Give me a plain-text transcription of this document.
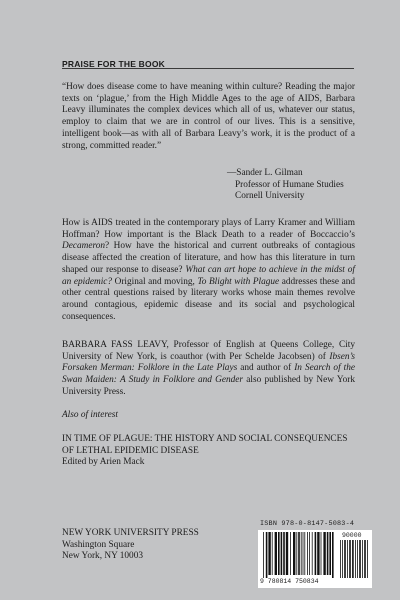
PRAISE FOR THE BOOK
“How does disease come to have meaning within culture? Reading the major texts on ‘plague,’ from the High Middle Ages to the age of AIDS, Barbara Leavy illuminates the complex devices which all of us, whatever our status, employ to claim that we are in control of our lives. This is a sensitive, intelligent book—as with all of Barbara Leavy’s work, it is the product of a strong, committed reader.”
—Sander L. Gilman
Professor of Humane Studies
Cornell University
How is AIDS treated in the contemporary plays of Larry Kramer and William Hoffman? How important is the Black Death to a reader of Boccaccio’s Decameron? How have the historical and current outbreaks of contagious disease affected the creation of literature, and how has this literature in turn shaped our response to disease? What can art hope to achieve in the midst of an epidemic? Original and moving, To Blight with Plague addresses these and other central questions raised by literary works whose main themes revolve around contagious, epidemic disease and its social and psychological consequences.
BARBARA FASS LEAVY, Professor of English at Queens College, City University of New York, is coauthor (with Per Schelde Jacobsen) of Ibsen’s Forsaken Merman: Folklore in the Late Plays and author of In Search of the Swan Maiden: A Study in Folklore and Gender also published by New York University Press.
Also of interest
IN TIME OF PLAGUE: THE HISTORY AND SOCIAL CONSEQUENCES OF LETHAL EPIDEMIC DISEASE
Edited by Arien Mack
NEW YORK UNIVERSITY PRESS
Washington Square
New York, NY 10003
ISBN 978-0-8147-5083-4
9 780814 750834
90000
